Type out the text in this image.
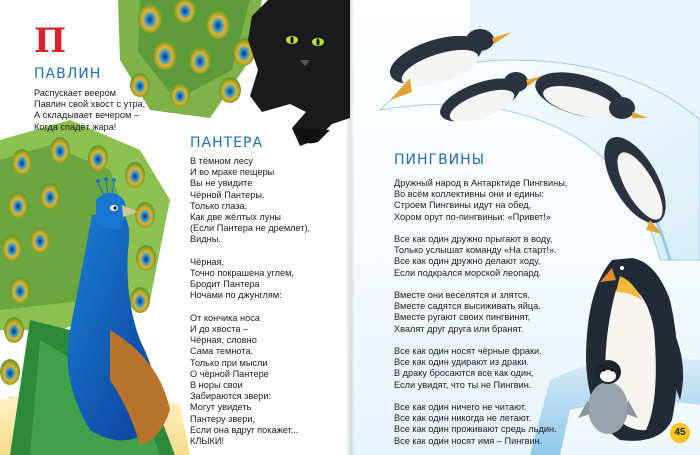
П
ПАВЛИН
Распускает веером
Павлин свой хвост с утра,
А складывает вечером –
Когда спадёт жара!
ПАНТЕРА
В тёмном лесу
И во мраке пещеры
Вы не увидите
Чёрной Пантеры.
Только глаза,
Как две жёлтых луны
(Если Пантера не дремлет),
Видны.

Чёрная,
Точно покрашена углем,
Бродит Пантера
Ночами по джунглям:

От кончика носа
И до хвоста –
Чёрная, словно
Сама темнота.
Только при мысли
О чёрной Пантере
В норы свои
Забираются звери:
Могут увидеть
Пантеру звери,
Если она вдруг покажет...
КЛЫКИ!
ПИНГВИНЫ
Дружный народ в Антарктиде Пингвины,
Во всём коллективны они и едины:
Строем Пингвины идут на обед,
Хором орут по-пингвиньи: «Привет!»

Все как один дружно прыгают в воду,
Только услышат команду «На старт!».
Все как один дружно делают ходу,
Если подкрался морской леопард.

Вместе они веселятся и злятся.
Вместе садятся высиживать яйца.
Вместе ругают своих пингвинят,
Хвалят друг друга или бранят.

Все как один носят чёрные фраки.
Все как один удирают из драки.
В драку бросаются все как один,
Если увидят, что ты не Пингвин.

Все как один ничего не читают.
Все как один никогда не летают.
Все как один проживают средь льдин.
Все как один носят имя – Пингвин.
45
